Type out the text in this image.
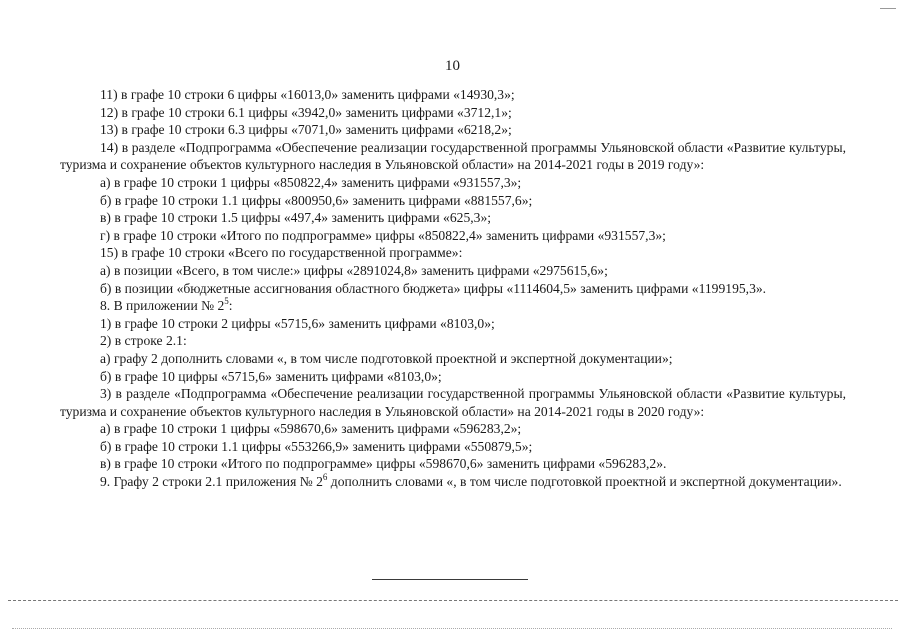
10

11) в графе 10 строки 6 цифры «16013,0» заменить цифрами «14930,3»;

12) в графе 10 строки 6.1 цифры «3942,0» заменить цифрами «3712,1»;

13) в графе 10 строки 6.3 цифры «7071,0» заменить цифрами «6218,2»;

14) в разделе «Подпрограмма «Обеспечение реализации государственной программы Ульяновской области «Развитие культуры, туризма и сохранение объектов культурного наследия в Ульяновской области» на 2014-2021 годы в 2019 году»:

а) в графе 10 строки 1 цифры «850822,4» заменить цифрами «931557,3»;

б) в графе 10 строки 1.1 цифры «800950,6» заменить цифрами «881557,6»;

в) в графе 10 строки 1.5 цифры «497,4» заменить цифрами «625,3»;

г) в графе 10 строки «Итого по подпрограмме» цифры «850822,4» заменить цифрами «931557,3»;

15) в графе 10 строки «Всего по государственной программе»:

а) в позиции «Всего, в том числе:» цифры «2891024,8» заменить цифрами «2975615,6»;

б) в позиции «бюджетные ассигнования областного бюджета» цифры «1114604,5» заменить цифрами «1199195,3».

8. В приложении № $2^5$:

1) в графе 10 строки 2 цифры «5715,6» заменить цифрами «8103,0»;

2) в строке 2.1:

а) графу 2 дополнить словами «, в том числе подготовкой проектной и экспертной документации»;

б) в графе 10 цифры «5715,6» заменить цифрами «8103,0»;

3) в разделе «Подпрограмма «Обеспечение реализации государственной программы Ульяновской области «Развитие культуры, туризма и сохранение объектов культурного наследия в Ульяновской области» на 2014-2021 годы в 2020 году»:

а) в графе 10 строки 1 цифры «598670,6» заменить цифрами «596283,2»;

б) в графе 10 строки 1.1 цифры «553266,9» заменить цифрами «550879,5»;

в) в графе 10 строки «Итого по подпрограмме» цифры «598670,6» заменить цифрами «596283,2».

9. Графу 2 строки 2.1 приложения № $2^6$ дополнить словами «, в том числе подготовкой проектной и экспертной документации».
